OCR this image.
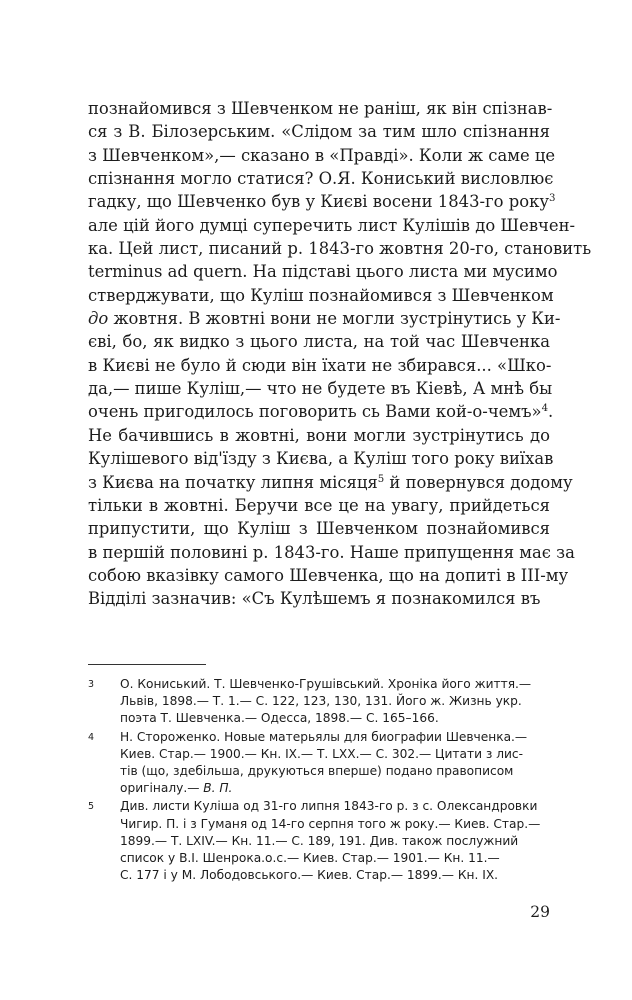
познайомився з Шевченком не раніш, як він спізнав-
ся з В. Білозерським. «Слідом за тим шло спізнання
з Шевченком»,— сказано в «Правді». Коли ж саме це
спізнання могло статися? О.Я. Кониський висловлює
гадку, що Шевченко був у Києві восени 1843-го року$^3$
але цій його думці суперечить лист Кулішів до Шевчен-
ка. Цей лист, писаний р. 1843-го жовтня 20-го, становить
terminus ad quern. На підставі цього листа ми мусимо
стверджувати, що Куліш познайомився з Шевченком
до жовтня. В жовтні вони не могли зустрінутись у Ки-
єві, бо, як видко з цього листа, на той час Шевченка
в Києві не було й сюди він їхати не збирався... «Шко-
да,— пише Куліш,— что не будете въ Кіевѣ, А мнѣ бы
очень пригодилось поговорить сь Вами кой-о-чемъ»$^4$.
Не бачившись в жовтні, вони могли зустрінутись до
Кулішевого від'їзду з Києва, а Куліш того року виїхав
з Києва на початку липня місяця$^5$ й повернувся додому
тільки в жовтні. Беручи все це на увагу, прийдеться
припустити, що Куліш з Шевченком познайомився
в першій половині р. 1843-го. Наше припущення має за
собою вказівку самого Шевченка, що на допиті в III-му
Відділі зазначив: «Съ Кулѣшемъ я познакомился въ
3 О. Кониський. Т. Шевченко-Грушівський. Хроніка його життя.—
Львів, 1898.— Т. 1.— С. 122, 123, 130, 131. Його ж. Жизнь укр.
поэта Т. Шевченка.— Одесса, 1898.— С. 165–166.
4 Н. Стороженко. Новые матерьялы для биографии Шевченка.—
Киев. Стар.— 1900.— Кн. IX.— Т. LXX.— С. 302.— Цитати з лис-
тів (що, здебільша, друкуються вперше) подано правописом
оригіналу.— В. П.
5 Див. листи Куліша од 31-го липня 1843-го р. з с. Олександровки
Чигир. П. і з Гуманя од 14-го серпня того ж року.— Киев. Стар.—
1899.— Т. LXIV.— Кн. 11.— С. 189, 191. Див. також послужний
список у В.І. Шенрока.о.с.— Киев. Стар.— 1901.— Кн. 11.—
С. 177 і у М. Лободовського.— Киев. Стар.— 1899.— Кн. IX.
29
